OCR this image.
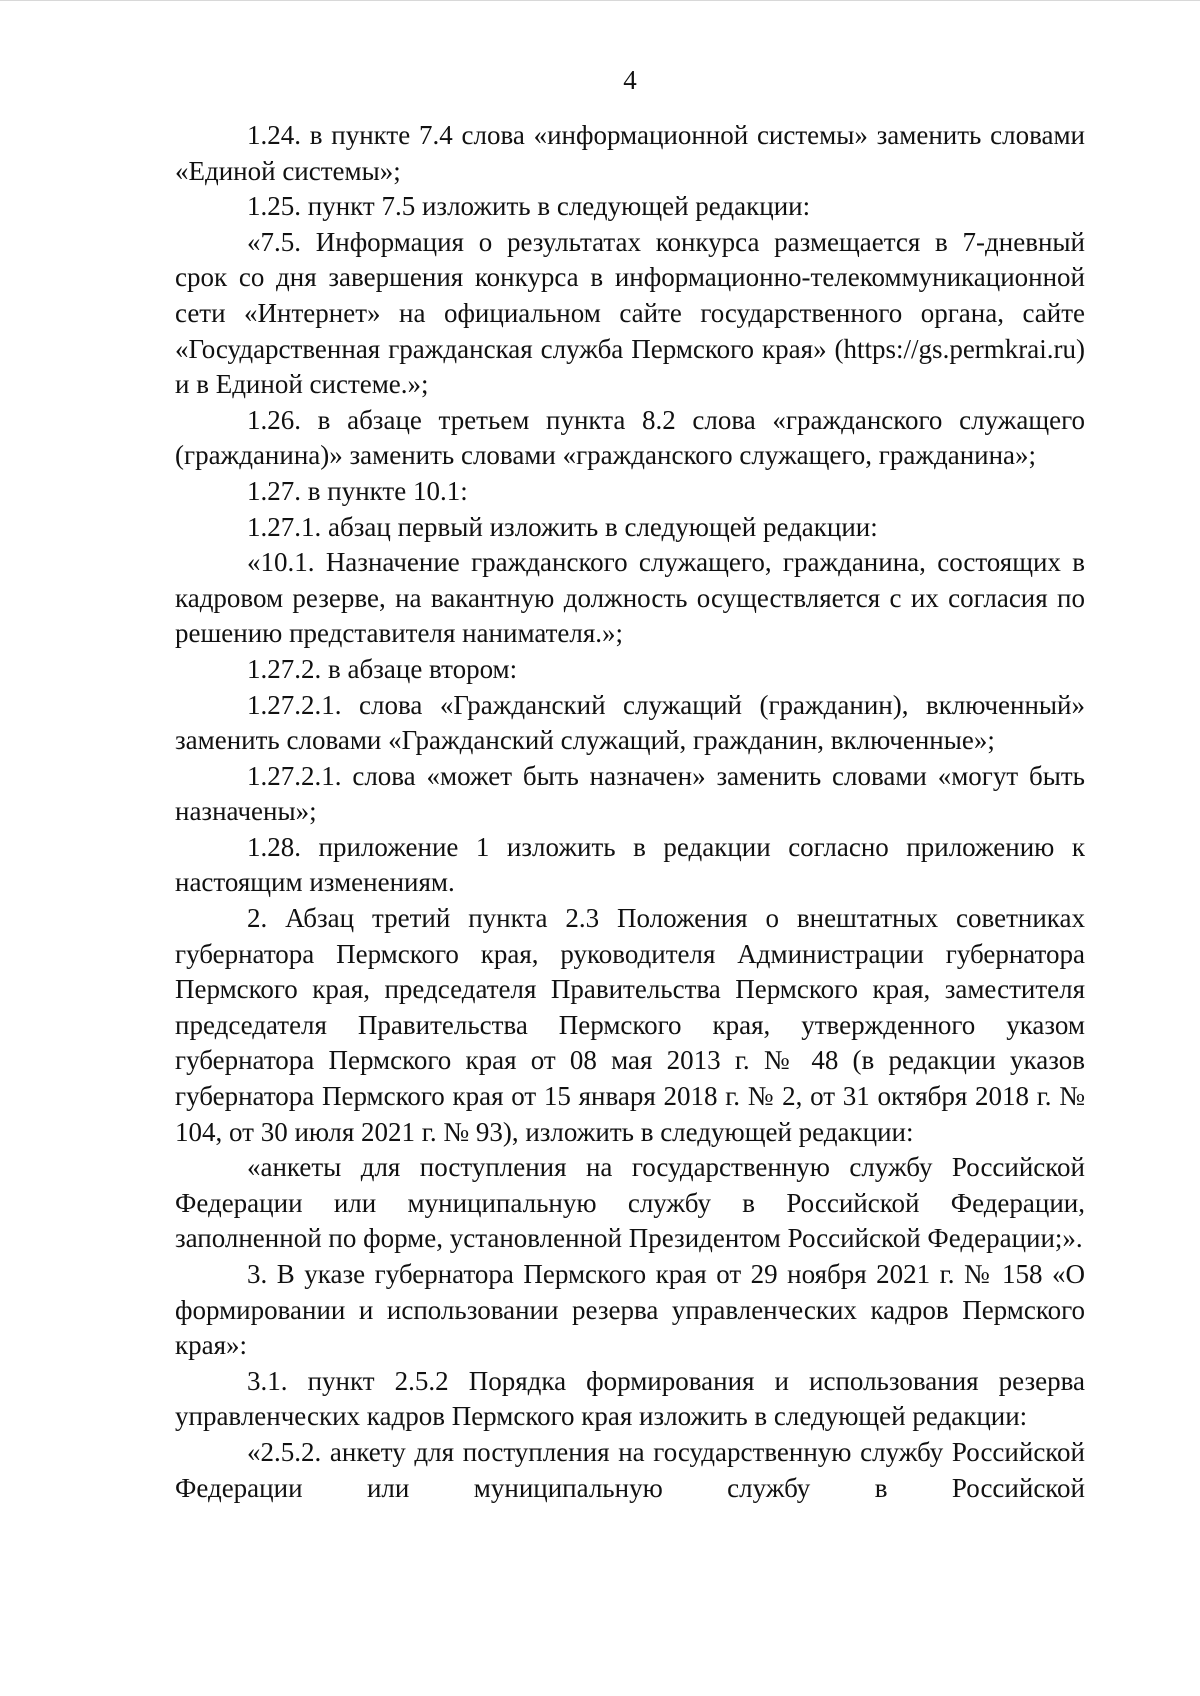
4

1.24. в пункте 7.4 слова «информационной системы» заменить словами «Единой системы»;

1.25. пункт 7.5 изложить в следующей редакции:

«7.5. Информация о результатах конкурса размещается в 7-дневный срок со дня завершения конкурса в информационно-телекоммуникационной сети «Интернет» на официальном сайте государственного органа, сайте «Государственная гражданская служба Пермского края» (https://gs.permkrai.ru) и в Единой системе.»;

1.26. в абзаце третьем пункта 8.2 слова «гражданского служащего (гражданина)» заменить словами «гражданского служащего, гражданина»;

1.27. в пункте 10.1:

1.27.1. абзац первый изложить в следующей редакции:

«10.1. Назначение гражданского служащего, гражданина, состоящих в кадровом резерве, на вакантную должность осуществляется с их согласия по решению представителя нанимателя.»;

1.27.2. в абзаце втором:

1.27.2.1. слова «Гражданский служащий (гражданин), включенный» заменить словами «Гражданский служащий, гражданин, включенные»;

1.27.2.1. слова «может быть назначен» заменить словами «могут быть назначены»;

1.28. приложение 1 изложить в редакции согласно приложению к настоящим изменениям.

2. Абзац третий пункта 2.3 Положения о внештатных советниках губернатора Пермского края, руководителя Администрации губернатора Пермского края, председателя Правительства Пермского края, заместителя председателя Правительства Пермского края, утвержденного указом губернатора Пермского края от 08 мая 2013 г. № 48 (в редакции указов губернатора Пермского края от 15 января 2018 г. № 2, от 31 октября 2018 г. № 104, от 30 июля 2021 г. № 93), изложить в следующей редакции:

«анкеты для поступления на государственную службу Российской Федерации или муниципальную службу в Российской Федерации, заполненной по форме, установленной Президентом Российской Федерации;».

3. В указе губернатора Пермского края от 29 ноября 2021 г. № 158 «О формировании и использовании резерва управленческих кадров Пермского края»:

3.1. пункт 2.5.2 Порядка формирования и использования резерва управленческих кадров Пермского края изложить в следующей редакции:

«2.5.2. анкету для поступления на государственную службу Российской Федерации или муниципальную службу в Российской
